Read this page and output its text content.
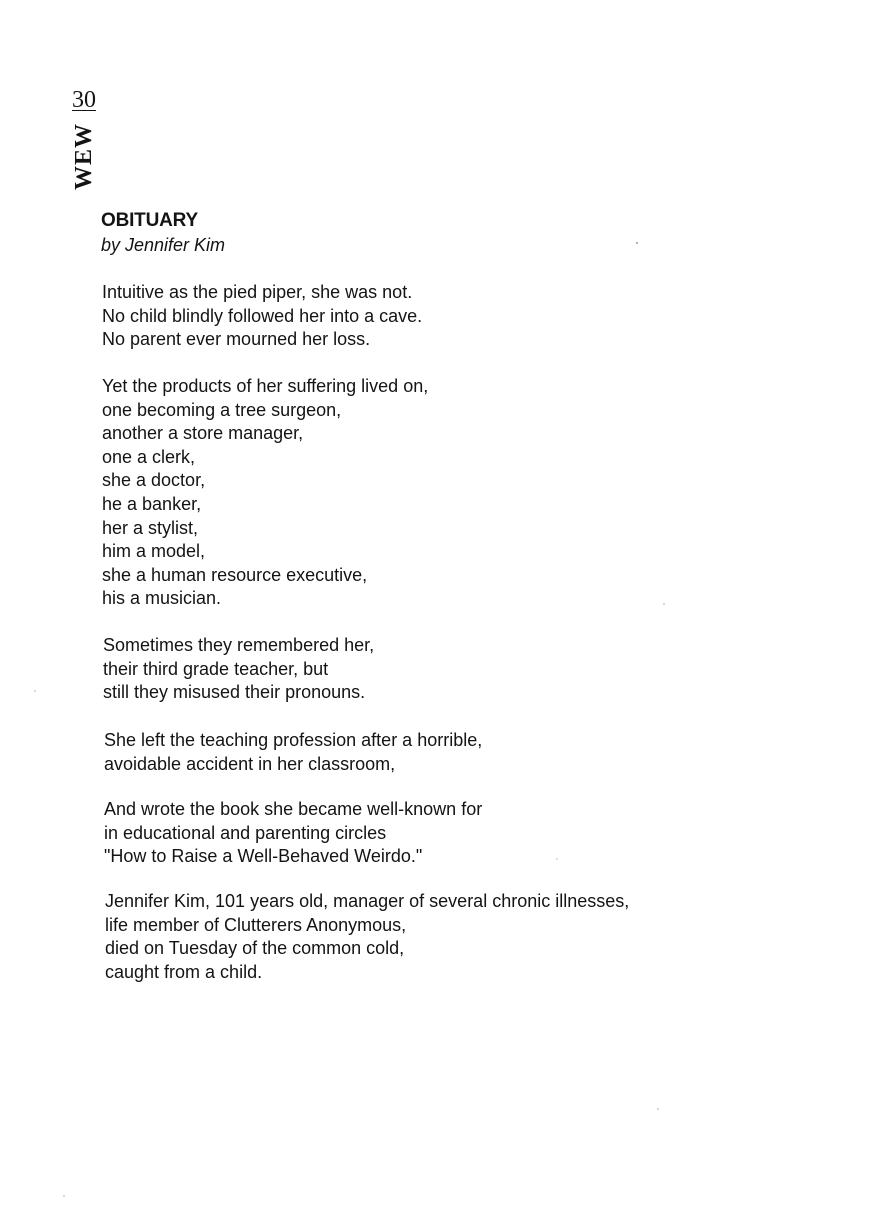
30
WEW
OBITUARY
by Jennifer Kim
Intuitive as the pied piper, she was not.
No child blindly followed her into a cave.
No parent ever mourned her loss.
Yet the products of her suffering lived on,
one becoming a tree surgeon,
another a store manager,
one a clerk,
she a doctor,
he a banker,
her a stylist,
him a model,
she a human resource executive,
his a musician.
Sometimes they remembered her,
their third grade teacher, but
still they misused their pronouns.
She left the teaching profession after a horrible,
avoidable accident in her classroom,
And wrote the book she became well-known for
in educational and parenting circles
"How to Raise a Well-Behaved Weirdo."
Jennifer Kim, 101 years old, manager of several chronic illnesses,
life member of Clutterers Anonymous,
died on Tuesday of the common cold,
caught from a child.
